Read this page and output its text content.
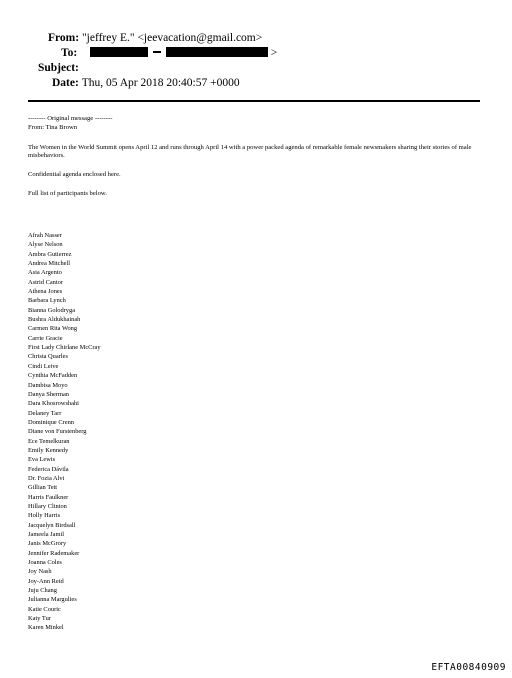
From: "jeffrey E." <jeevacation@gmail.com>
To:	>
Subject:
Date: Thu, 05 Apr 2018 20:40:57 +0000

-------- Original message --------

From: Tina Brown

The Women in the World Summit opens April 12 and runs through April 14 with a power packed agenda of remarkable female newsmakers sharing their stories of male misbehaviors.

Confidential agenda enclosed here.

Full list of participants below.

Afrah Nasser
Alyse Nelson
Ambra Gutierrez
Andrea Mitchell
Asia Argento
Astrid Cantor
Athena Jones
Barbara Lynch
Bianna Golodryga
Bushra Aldukhainah
Carmen Rita Wong
Carrie Gracie
First Lady Chirlane McCray
Christa Quarles
Cindi Leive
Cynthia McFadden
Dambisa Moyo
Danya Sherman
Dara Khosrowshahi
Delaney Tarr
Dominique Crenn
Diane von Furstenberg
Ece Temelkuran
Emily Kennedy
Eva Lewis
Federica Dávila
Dr. Fozia Alvi
Gillian Tett
Harris Faulkner
Hillary Clinton
Holly Harris
Jacquelyn Birdsall
Jameela Jamil
Janis McGrory
Jennifer Rademaker
Joanna Coles
Joy Nash
Joy-Ann Reid
Juju Chang
Julianna Margulies
Katie Couric
Katy Tur
Karen Minkel
EFTA00840909
